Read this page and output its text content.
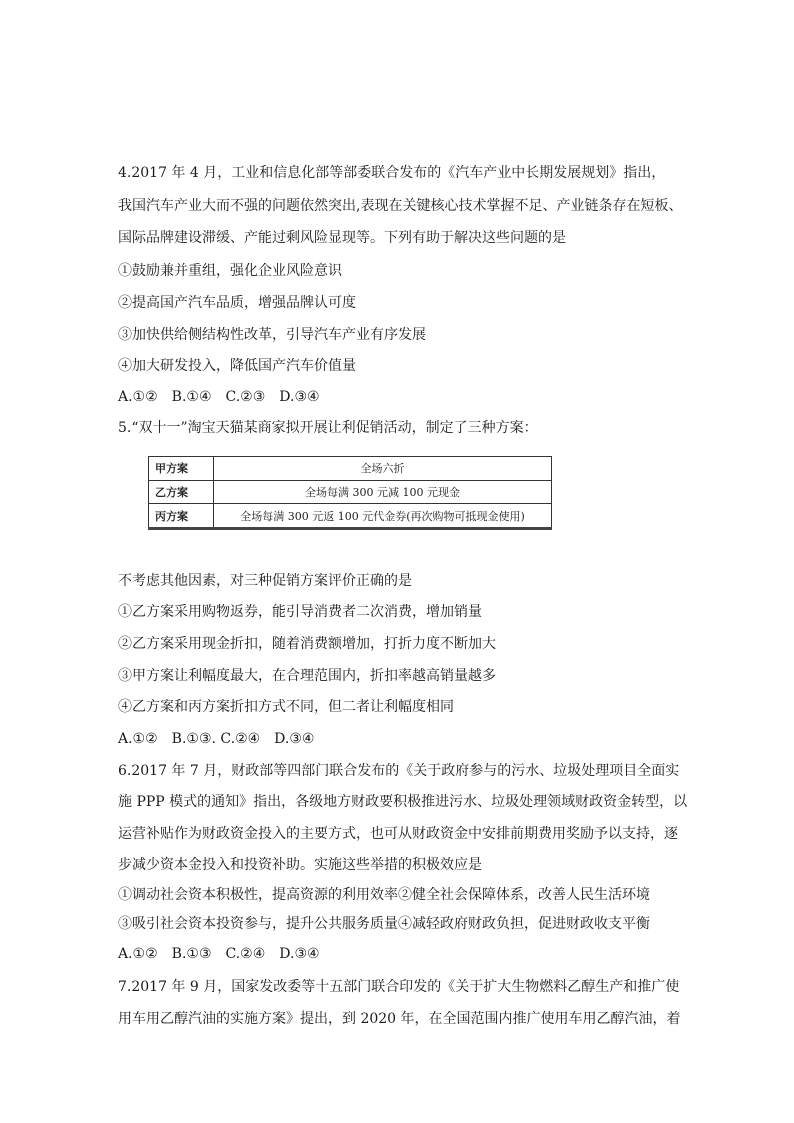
4.2017 年 4 月，工业和信息化部等部委联合发布的《汽车产业中长期发展规划》指出，
我国汽车产业大而不强的问题依然突出,表现在关键核心技术掌握不足、产业链条存在短板、
国际品牌建设滞缓、产能过剩风险显现等。下列有助于解决这些问题的是
①鼓励兼并重组，强化企业风险意识
②提高国产汽车品质，增强品牌认可度
③加快供给侧结构性改革，引导汽车产业有序发展
④加大研发投入，降低国产汽车价值量
A.①②　B.①④　C.②③　D.③④
5.“双十一”淘宝天猫某商家拟开展让利促销活动，制定了三种方案：
甲方案	全场六折
乙方案	全场每满 300 元减 100 元现金
丙方案	全场每满 300 元返 100 元代金券(再次购物可抵现金使用)
不考虑其他因素，对三种促销方案评价正确的是
①乙方案采用购物返券，能引导消费者二次消费，增加销量
②乙方案采用现金折扣，随着消费额增加，打折力度不断加大
③甲方案让利幅度最大，在合理范围内，折扣率越高销量越多
④乙方案和丙方案折扣方式不同，但二者让利幅度相同
A.①②　B.①③. C.②④　D.③④
6.2017 年 7 月，财政部等四部门联合发布的《关于政府参与的污水、垃圾处理项目全面实
施 PPP 模式的通知》指出，各级地方财政要积极推进污水、垃圾处理领域财政资金转型，以
运营补贴作为财政资金投入的主要方式，也可从财政资金中安排前期费用奖励予以支持，逐
步减少资本金投入和投资补助。实施这些举措的积极效应是
①调动社会资本积极性，提高资源的利用效率②健全社会保障体系，改善人民生活环境
③吸引社会资本投资参与，提升公共服务质量④减轻政府财政负担，促进财政收支平衡
A.①②　B.①③　C.②④　D.③④
7.2017 年 9 月，国家发改委等十五部门联合印发的《关于扩大生物燃料乙醇生产和推广使
用车用乙醇汽油的实施方案》提出，到 2020 年，在全国范围内推广使用车用乙醇汽油，着
